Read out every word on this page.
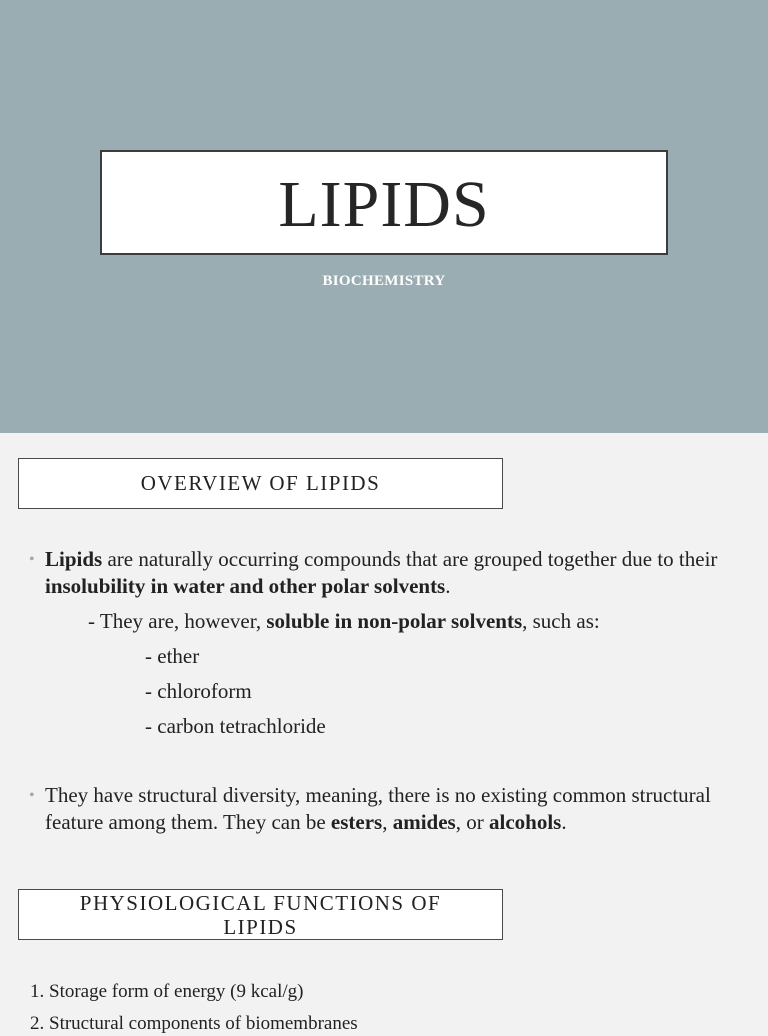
LIPIDS
BIOCHEMISTRY
OVERVIEW OF LIPIDS
• Lipids are naturally occurring compounds that are grouped together due to their insolubility in water and other polar solvents.
- They are, however, soluble in non-polar solvents, such as:
- ether
- chloroform
- carbon tetrachloride
• They have structural diversity, meaning, there is no existing common structural feature among them. They can be esters, amides, or alcohols.
PHYSIOLOGICAL FUNCTIONS OF
LIPIDS
1. Storage form of energy (9 kcal/g)
2. Structural components of biomembranes
